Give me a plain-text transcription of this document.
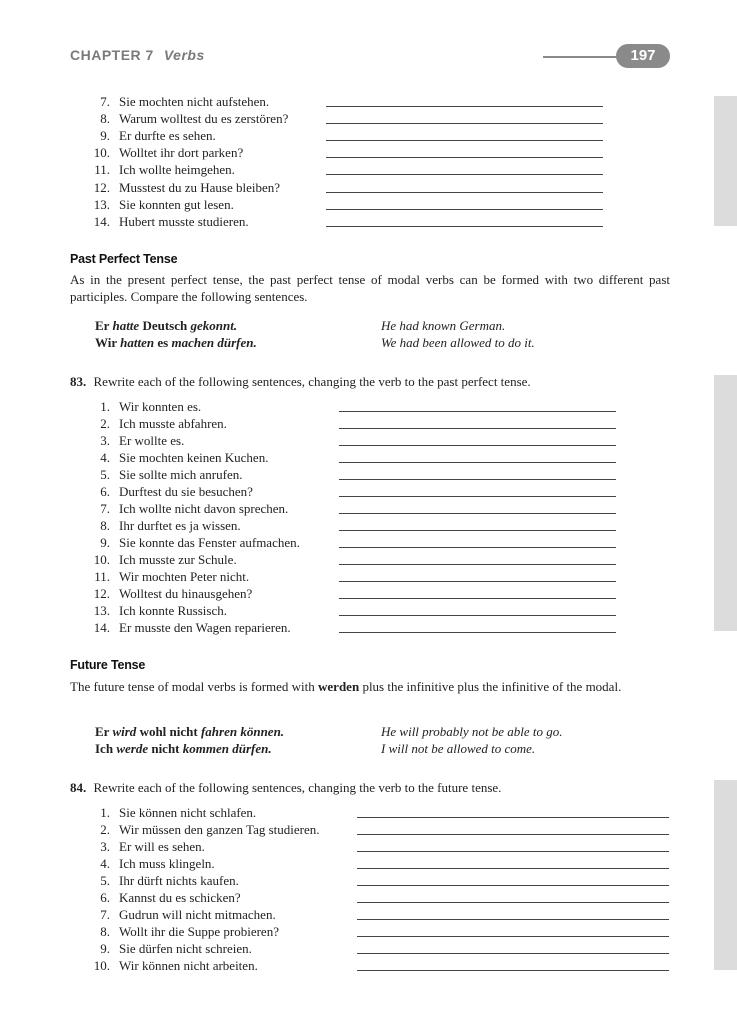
CHAPTER 7 Verbs	197
7. Sie mochten nicht aufstehen.
8. Warum wolltest du es zerstören?
9. Er durfte es sehen.
10. Wolltet ihr dort parken?
11. Ich wollte heimgehen.
12. Musstest du zu Hause bleiben?
13. Sie konnten gut lesen.
14. Hubert musste studieren.
Past Perfect Tense
As in the present perfect tense, the past perfect tense of modal verbs can be formed with two different past participles. Compare the following sentences.
Er hatte Deutsch gekonnt.	He had known German.
Wir hatten es machen dürfen.	We had been allowed to do it.
83. Rewrite each of the following sentences, changing the verb to the past perfect tense.
1. Wir konnten es.
2. Ich musste abfahren.
3. Er wollte es.
4. Sie mochten keinen Kuchen.
5. Sie sollte mich anrufen.
6. Durftest du sie besuchen?
7. Ich wollte nicht davon sprechen.
8. Ihr durftet es ja wissen.
9. Sie konnte das Fenster aufmachen.
10. Ich musste zur Schule.
11. Wir mochten Peter nicht.
12. Wolltest du hinausgehen?
13. Ich konnte Russisch.
14. Er musste den Wagen reparieren.
Future Tense
The future tense of modal verbs is formed with werden plus the infinitive plus the infinitive of the modal.
Er wird wohl nicht fahren können.	He will probably not be able to go.
Ich werde nicht kommen dürfen.	I will not be allowed to come.
84. Rewrite each of the following sentences, changing the verb to the future tense.
1. Sie können nicht schlafen.
2. Wir müssen den ganzen Tag studieren.
3. Er will es sehen.
4. Ich muss klingeln.
5. Ihr dürft nichts kaufen.
6. Kannst du es schicken?
7. Gudrun will nicht mitmachen.
8. Wollt ihr die Suppe probieren?
9. Sie dürfen nicht schreien.
10. Wir können nicht arbeiten.
